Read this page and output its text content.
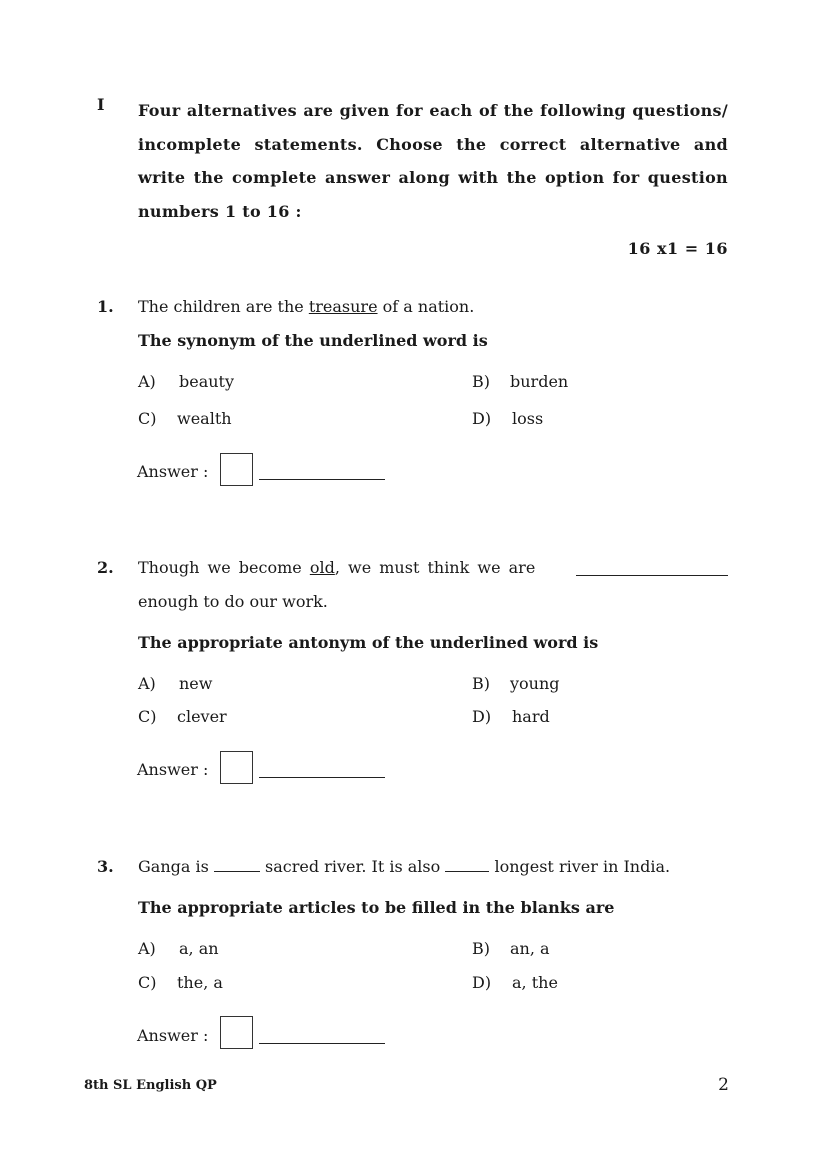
I Four alternatives are given for each of the following questions/ incomplete statements. Choose the correct alternative and write the complete answer along with the option for question numbers 1 to 16 :
16 x1 = 16
1. The children are the treasure of a nation.
The synonym of the underlined word is
A) beauty	B) burden
C) wealth	D) loss
Answer :
2. Though we become old, we must think we are
enough to do our work.
The appropriate antonym of the underlined word is
A) new	B) young
C) clever	D) hard
Answer :
3. Ganga is	sacred river. It is also	longest river in India.
The appropriate articles to be filled in the blanks are
A) a, an	B) an, a
C) the, a	D) a, the
Answer :
8th SL English QP	2
